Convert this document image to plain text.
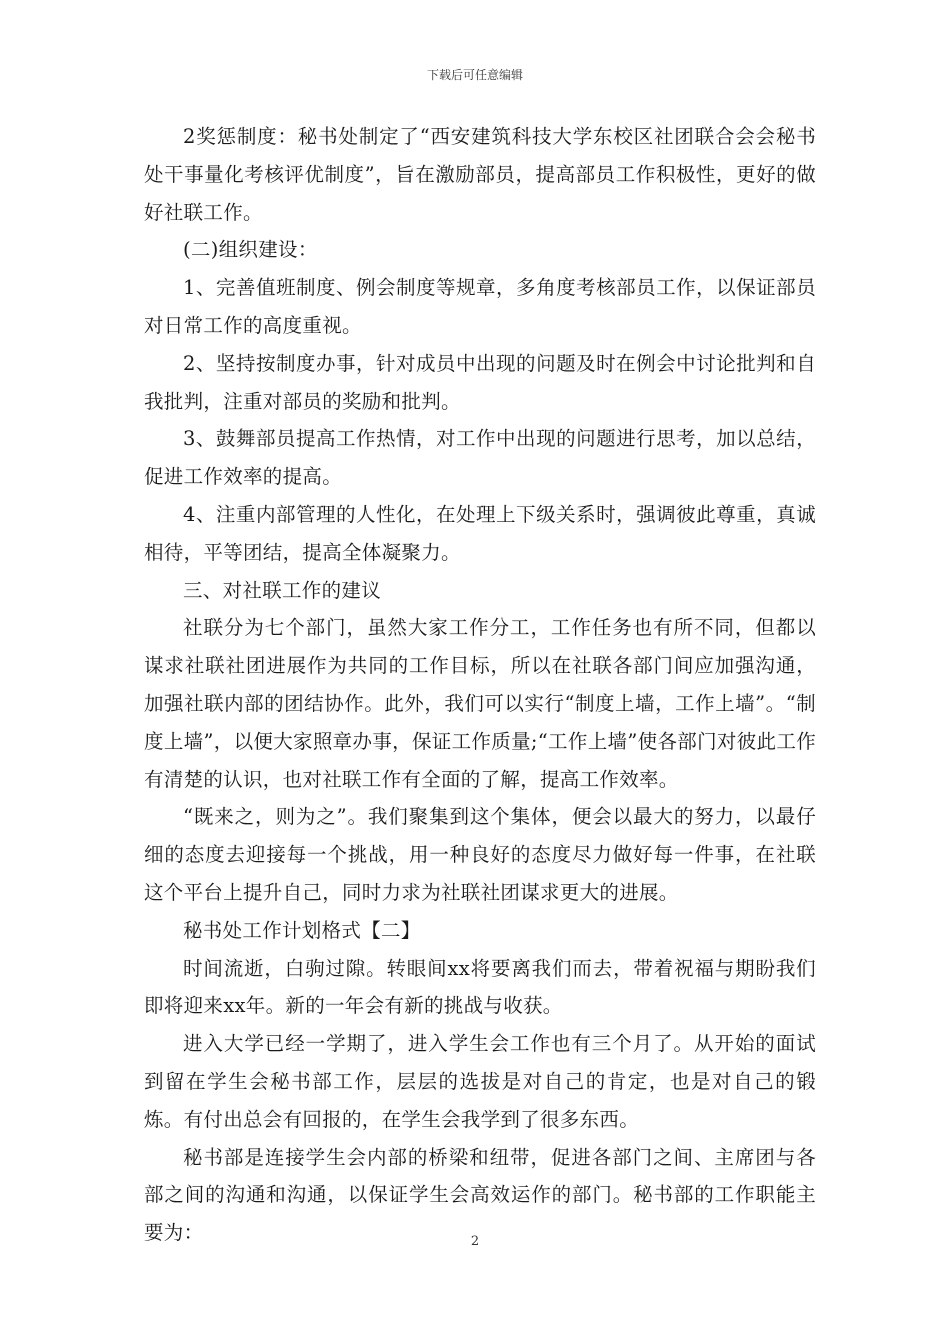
下载后可任意编辑

2奖惩制度：秘书处制定了“西安建筑科技大学东校区社团联合会会秘书处干事量化考核评优制度”，旨在激励部员，提高部员工作积极性，更好的做好社联工作。

(二)组织建设：

1、完善值班制度、例会制度等规章，多角度考核部员工作，以保证部员对日常工作的高度重视。

2、坚持按制度办事，针对成员中出现的问题及时在例会中讨论批判和自我批判，注重对部员的奖励和批判。

3、鼓舞部员提高工作热情，对工作中出现的问题进行思考，加以总结，促进工作效率的提高。

4、注重内部管理的人性化，在处理上下级关系时，强调彼此尊重，真诚相待，平等团结，提高全体凝聚力。

三、对社联工作的建议

社联分为七个部门，虽然大家工作分工，工作任务也有所不同，但都以谋求社联社团进展作为共同的工作目标，所以在社联各部门间应加强沟通，加强社联内部的团结协作。此外，我们可以实行“制度上墙，工作上墙”。“制度上墙”，以便大家照章办事，保证工作质量;“工作上墙”使各部门对彼此工作有清楚的认识，也对社联工作有全面的了解，提高工作效率。

“既来之，则为之”。我们聚集到这个集体，便会以最大的努力，以最仔细的态度去迎接每一个挑战，用一种良好的态度尽力做好每一件事，在社联这个平台上提升自己，同时力求为社联社团谋求更大的进展。

秘书处工作计划格式【二】

时间流逝，白驹过隙。转眼间xx将要离我们而去，带着祝福与期盼我们即将迎来xx年。新的一年会有新的挑战与收获。

进入大学已经一学期了，进入学生会工作也有三个月了。从开始的面试到留在学生会秘书部工作，层层的选拔是对自己的肯定，也是对自己的锻炼。有付出总会有回报的，在学生会我学到了很多东西。

秘书部是连接学生会内部的桥梁和纽带，促进各部门之间、主席团与各部之间的沟通和沟通，以保证学生会高效运作的部门。秘书部的工作职能主要为：	2
